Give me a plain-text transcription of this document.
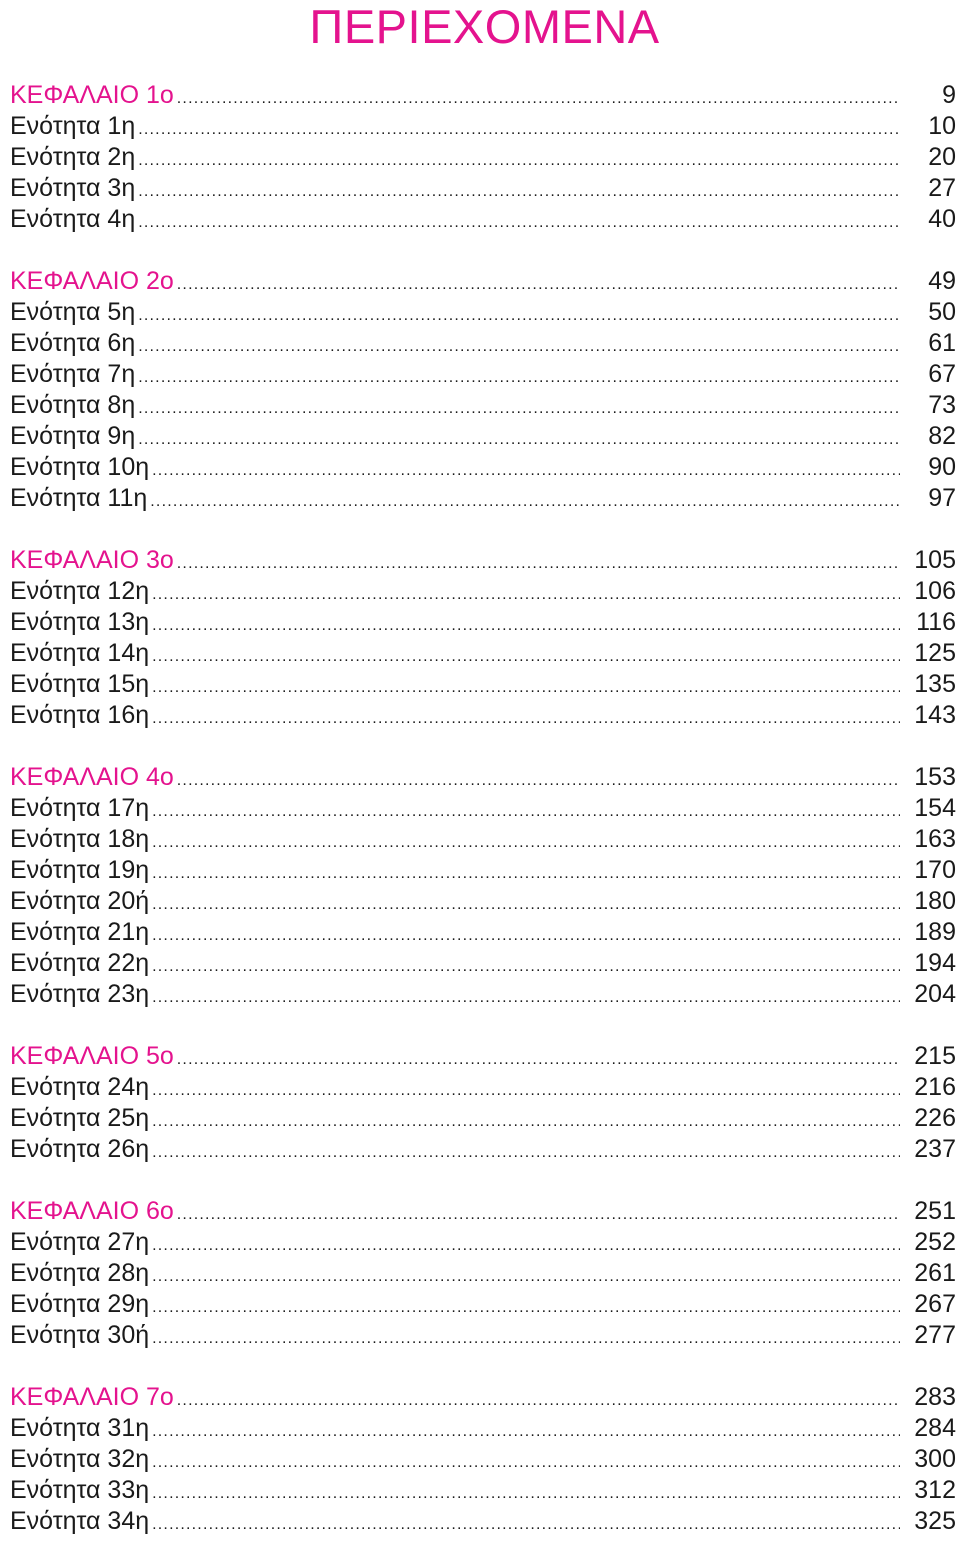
ΠΕΡΙΕΧΟΜΕΝΑ
ΚΕΦΑΛΑΙΟ 1ο .....	9
Ενότητα 1η .....	10
Ενότητα 2η .....	20
Ενότητα 3η .....	27
Ενότητα 4η .....	40
ΚΕΦΑΛΑΙΟ 2ο .....	49
Ενότητα 5η .....	50
Ενότητα 6η .....	61
Ενότητα 7η .....	67
Ενότητα 8η .....	73
Ενότητα 9η .....	82
Ενότητα 10η .....	90
Ενότητα 11η .....	97
ΚΕΦΑΛΑΙΟ 3ο .....	105
Ενότητα 12η .....	106
Ενότητα 13η .....	116
Ενότητα 14η .....	125
Ενότητα 15η .....	135
Ενότητα 16η .....	143
ΚΕΦΑΛΑΙΟ 4ο .....	153
Ενότητα 17η .....	154
Ενότητα 18η .....	163
Ενότητα 19η .....	170
Ενότητα 20ή .....	180
Ενότητα 21η .....	189
Ενότητα 22η .....	194
Ενότητα 23η .....	204
ΚΕΦΑΛΑΙΟ 5ο .....	215
Ενότητα 24η .....	216
Ενότητα 25η .....	226
Ενότητα 26η .....	237
ΚΕΦΑΛΑΙΟ 6ο .....	251
Ενότητα 27η .....	252
Ενότητα 28η .....	261
Ενότητα 29η .....	267
Ενότητα 30ή .....	277
ΚΕΦΑΛΑΙΟ 7ο .....	283
Ενότητα 31η .....	284
Ενότητα 32η .....	300
Ενότητα 33η .....	312
Ενότητα 34η .....	325
